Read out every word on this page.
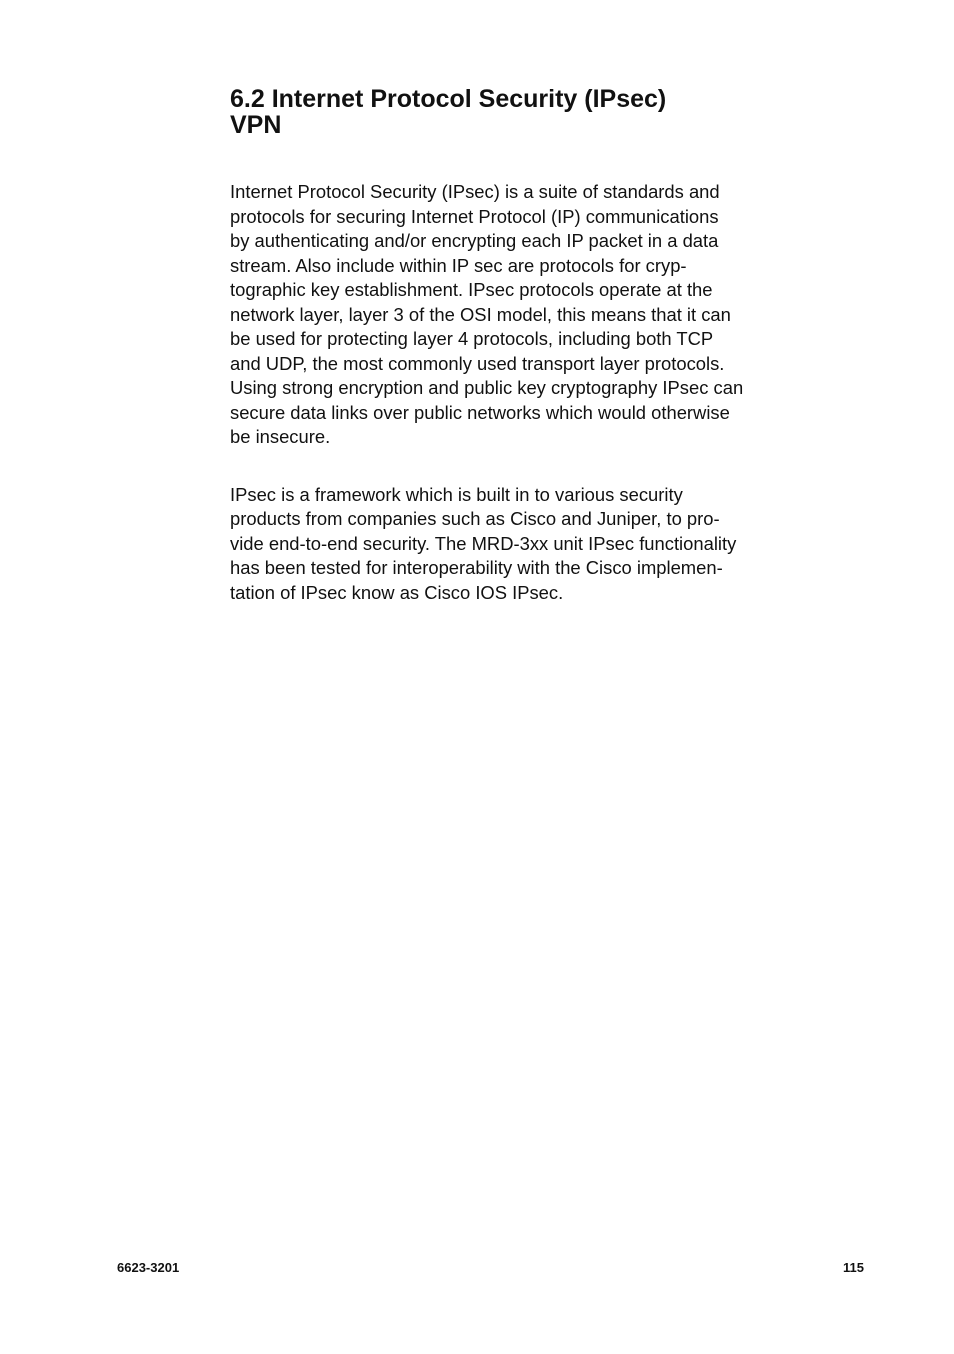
6.2 Internet Protocol Security (IPsec)
VPN

Internet Protocol Security (IPsec) is a suite of standards and
protocols for securing Internet Protocol (IP) communications
by authenticating and/or encrypting each IP packet in a data
stream. Also include within IP sec are protocols for cryp-
tographic key establishment. IPsec protocols operate at the
network layer, layer 3 of the OSI model, this means that it can
be used for protecting layer 4 protocols, including both TCP
and UDP, the most commonly used transport layer protocols.
Using strong encryption and public key cryptography IPsec can
secure data links over public networks which would otherwise
be insecure.

IPsec is a framework which is built in to various security
products from companies such as Cisco and Juniper, to pro-
vide end-to-end security. The MRD-3xx unit IPsec functionality
has been tested for interoperability with the Cisco implemen-
tation of IPsec know as Cisco IOS IPsec.

6623-3201	115
